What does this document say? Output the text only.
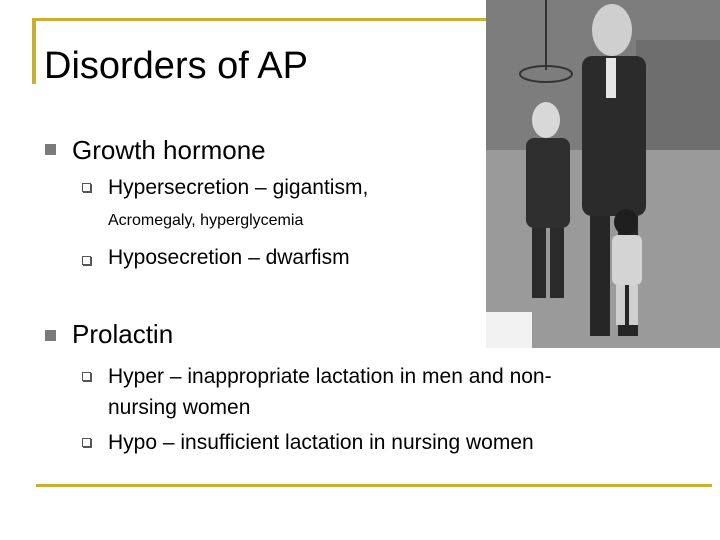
Disorders of AP
Growth hormone
Hypersecretion – gigantism,
Acromegaly, hyperglycemia
Hyposecretion – dwarfism
Prolactin
Hyper – inappropriate lactation in men and non-
nursing women
Hypo – insufficient lactation in nursing women
